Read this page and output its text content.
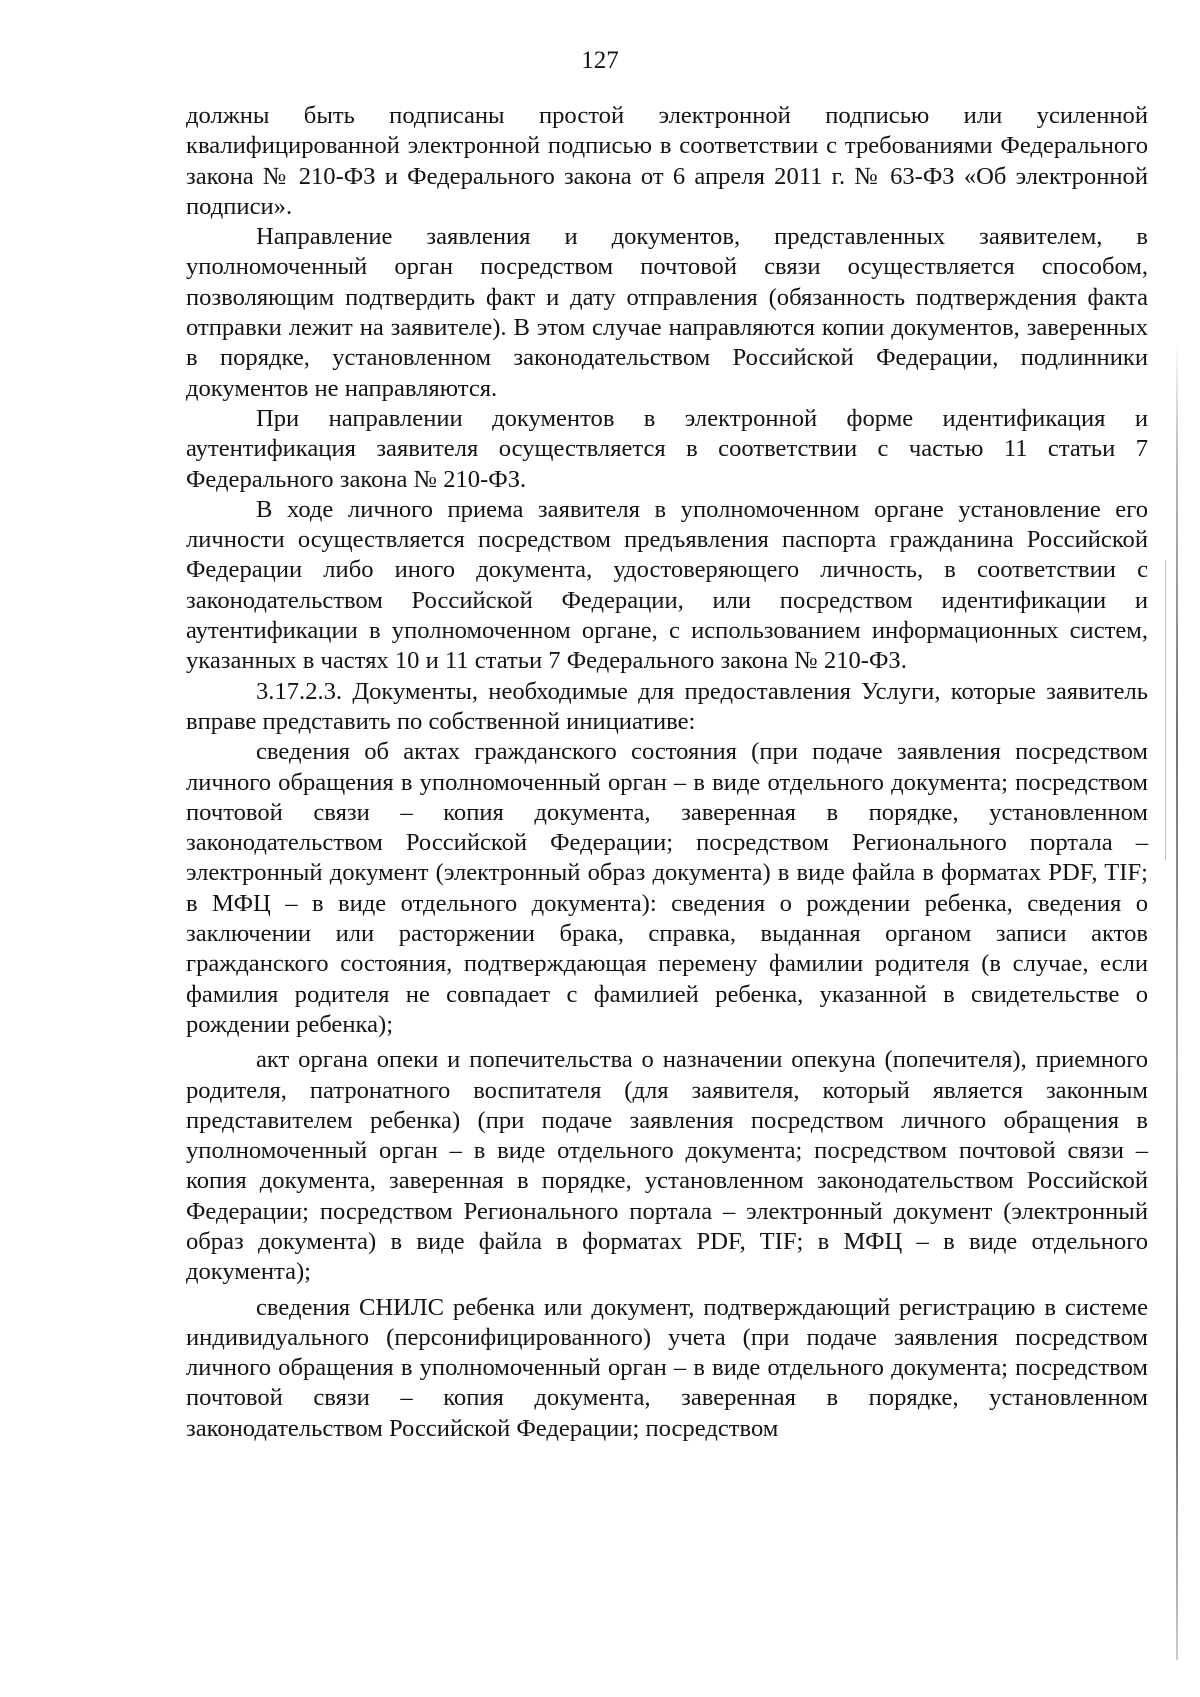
127

должны быть подписаны простой электронной подписью или усиленной квалифицированной электронной подписью в соответствии с требованиями Федерального закона № 210-ФЗ и Федерального закона от 6 апреля 2011 г. № 63-ФЗ «Об электронной подписи».

Направление заявления и документов, представленных заявителем, в уполномоченный орган посредством почтовой связи осуществляется способом, позволяющим подтвердить факт и дату отправления (обязанность подтверждения факта отправки лежит на заявителе). В этом случае направляются копии документов, заверенных в порядке, установленном законодательством Российской Федерации, подлинники документов не направляются.

При направлении документов в электронной форме идентификация и аутентификация заявителя осуществляется в соответствии с частью 11 статьи 7 Федерального закона № 210-ФЗ.

В ходе личного приема заявителя в уполномоченном органе установление его личности осуществляется посредством предъявления паспорта гражданина Российской Федерации либо иного документа, удостоверяющего личность, в соответствии с законодательством Российской Федерации, или посредством идентификации и аутентификации в уполномоченном органе, с использованием информационных систем, указанных в частях 10 и 11 статьи 7 Федерального закона № 210-ФЗ.

3.17.2.3. Документы, необходимые для предоставления Услуги, которые заявитель вправе представить по собственной инициативе:

сведения об актах гражданского состояния (при подаче заявления посредством личного обращения в уполномоченный орган – в виде отдельного документа; посредством почтовой связи – копия документа, заверенная в порядке, установленном законодательством Российской Федерации; посредством Регионального портала – электронный документ (электронный образ документа) в виде файла в форматах PDF, TIF; в МФЦ – в виде отдельного документа): сведения о рождении ребенка, сведения о заключении или расторжении брака, справка, выданная органом записи актов гражданского состояния, подтверждающая перемену фамилии родителя (в случае, если фамилия родителя не совпадает с фамилией ребенка, указанной в свидетельстве о рождении ребенка);

акт органа опеки и попечительства о назначении опекуна (попечителя), приемного родителя, патронатного воспитателя (для заявителя, который является законным представителем ребенка) (при подаче заявления посредством личного обращения в уполномоченный орган – в виде отдельного документа; посредством почтовой связи – копия документа, заверенная в порядке, установленном законодательством Российской Федерации; посредством Регионального портала – электронный документ (электронный образ документа) в виде файла в форматах PDF, TIF; в МФЦ – в виде отдельного документа);

сведения СНИЛС ребенка или документ, подтверждающий регистрацию в системе индивидуального (персонифицированного) учета (при подаче заявления посредством личного обращения в уполномоченный орган – в виде отдельного документа; посредством почтовой связи – копия документа, заверенная в порядке, установленном законодательством Российской Федерации; посредством
